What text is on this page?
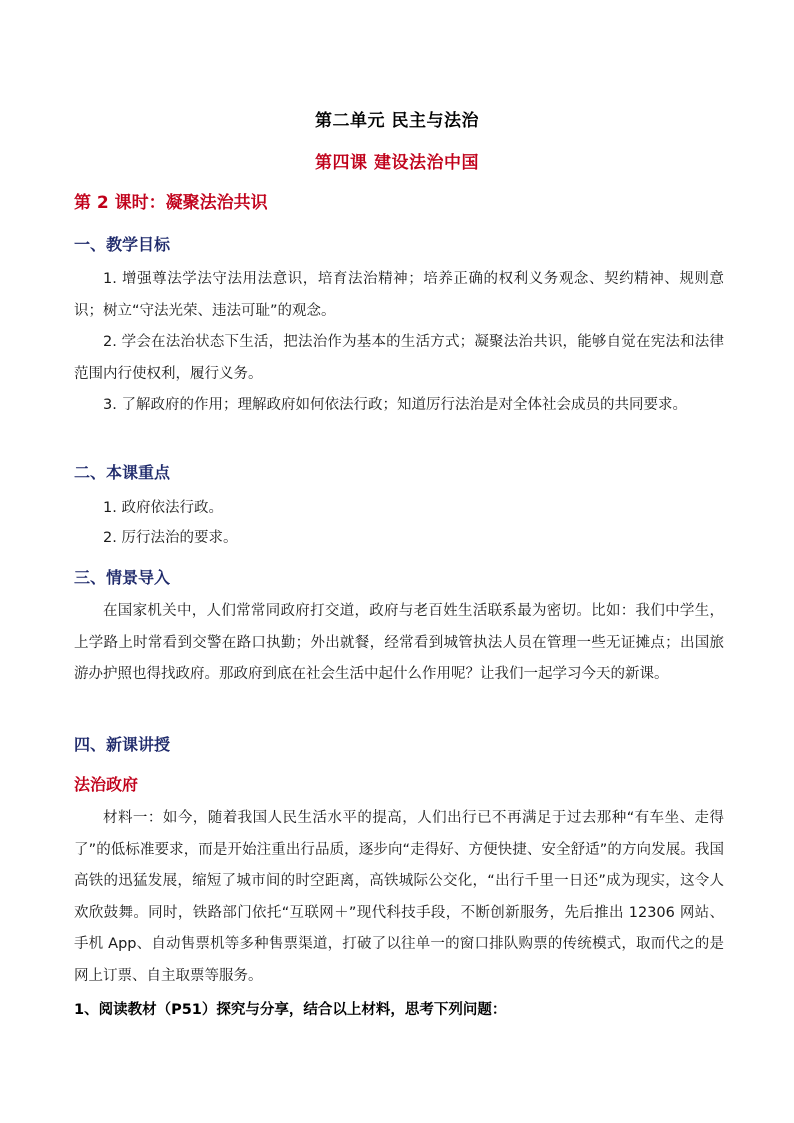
第二单元 民主与法治
第四课 建设法治中国
第 2 课时：凝聚法治共识
一、教学目标
1. 增强尊法学法守法用法意识，培育法治精神；培养正确的权利义务观念、契约精神、规则意识；树立“守法光荣、违法可耻”的观念。
2. 学会在法治状态下生活，把法治作为基本的生活方式；凝聚法治共识，能够自觉在宪法和法律范围内行使权利，履行义务。
3. 了解政府的作用；理解政府如何依法行政；知道厉行法治是对全体社会成员的共同要求。
二、本课重点
1. 政府依法行政。
2. 厉行法治的要求。
三、情景导入
在国家机关中，人们常常同政府打交道，政府与老百姓生活联系最为密切。比如：我们中学生，上学路上时常看到交警在路口执勤；外出就餐，经常看到城管执法人员在管理一些无证摊点；出国旅游办护照也得找政府。那政府到底在社会生活中起什么作用呢？让我们一起学习今天的新课。
四、新课讲授
法治政府
材料一：如今，随着我国人民生活水平的提高，人们出行已不再满足于过去那种“有车坐、走得了”的低标准要求，而是开始注重出行品质，逐步向“走得好、方便快捷、安全舒适”的方向发展。我国高铁的迅猛发展，缩短了城市间的时空距离，高铁城际公交化，“出行千里一日还”成为现实，这令人欢欣鼓舞。同时，铁路部门依托“互联网＋”现代科技手段，不断创新服务，先后推出 12306 网站、手机 App、自动售票机等多种售票渠道，打破了以往单一的窗口排队购票的传统模式，取而代之的是网上订票、自主取票等服务。
1、阅读教材（P51）探究与分享，结合以上材料，思考下列问题：
